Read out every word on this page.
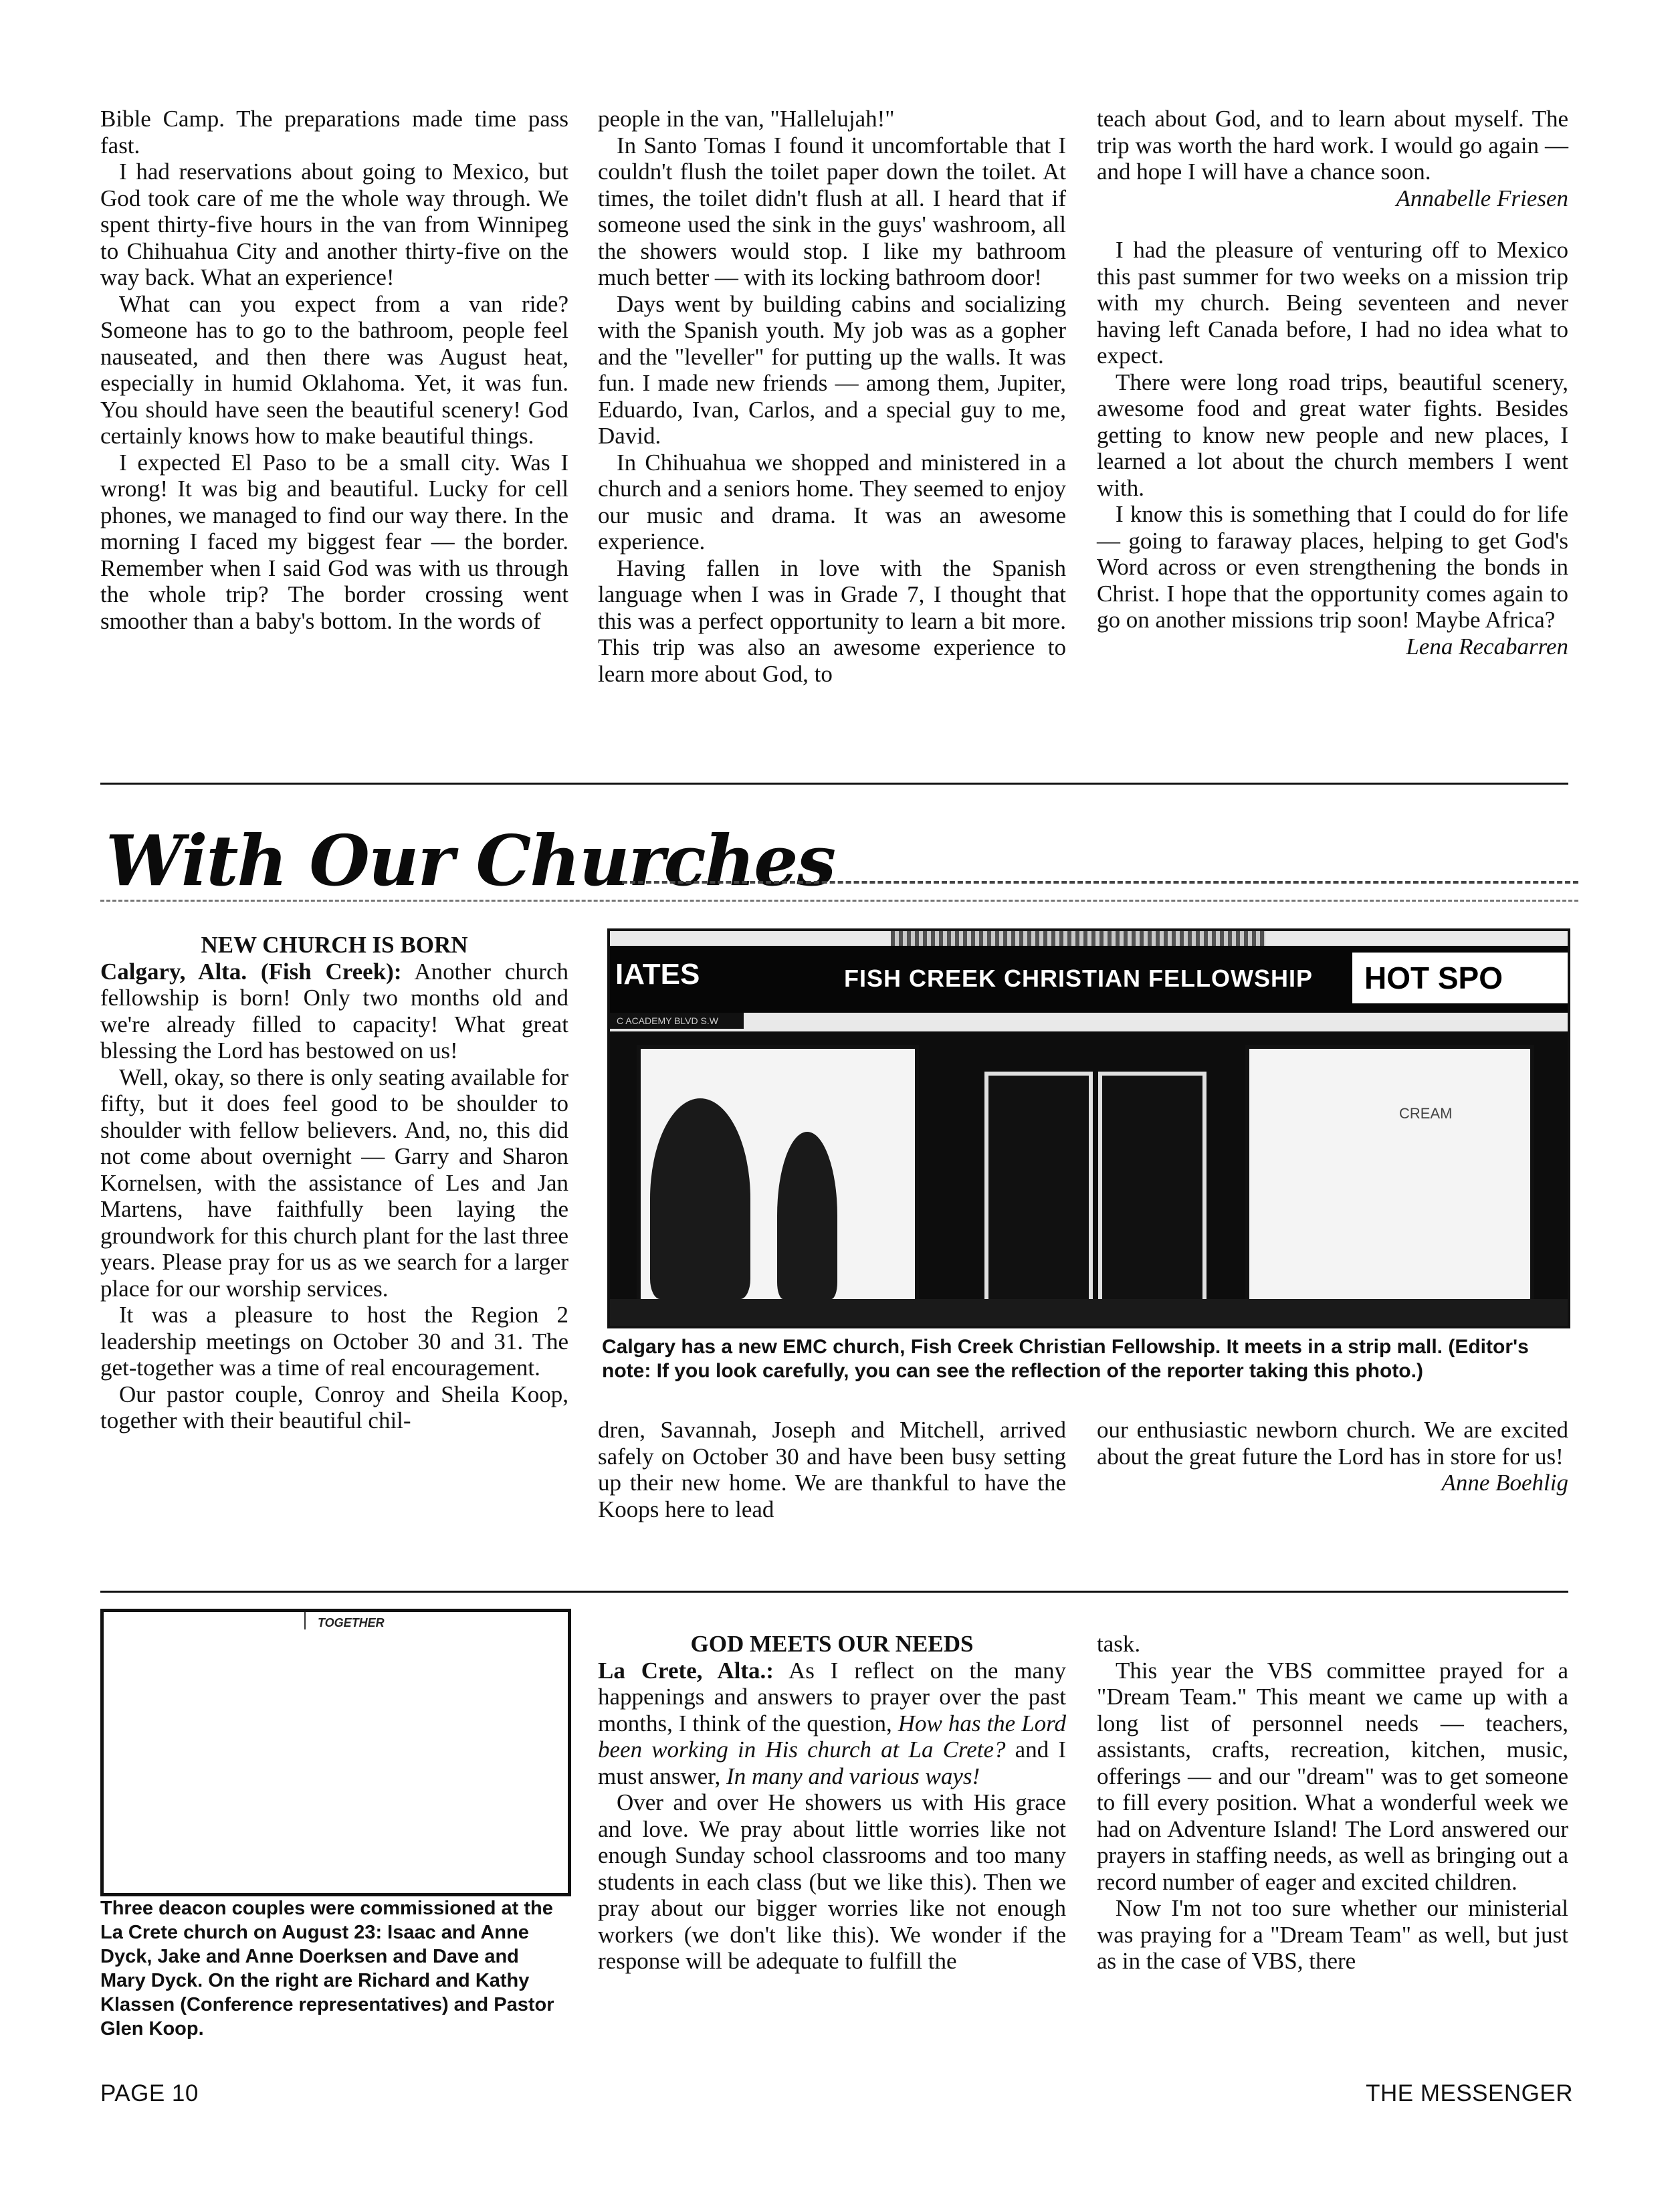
Bible Camp. The preparations made time pass fast.

I had reservations about going to Mexico, but God took care of me the whole way through. We spent thirty-five hours in the van from Winnipeg to Chihuahua City and another thirty-five on the way back. What an experience!

What can you expect from a van ride? Someone has to go to the bathroom, people feel nauseated, and then there was August heat, especially in humid Oklahoma. Yet, it was fun. You should have seen the beautiful scenery! God certainly knows how to make beautiful things.

I expected El Paso to be a small city. Was I wrong! It was big and beautiful. Lucky for cell phones, we managed to find our way there. In the morning I faced my biggest fear — the border. Remember when I said God was with us through the whole trip? The border crossing went smoother than a baby's bottom. In the words of

people in the van, "Hallelujah!"

In Santo Tomas I found it uncomfortable that I couldn't flush the toilet paper down the toilet. At times, the toilet didn't flush at all. I heard that if someone used the sink in the guys' washroom, all the showers would stop. I like my bathroom much better — with its locking bathroom door!

Days went by building cabins and socializing with the Spanish youth. My job was as a gopher and the "leveller" for putting up the walls. It was fun. I made new friends — among them, Jupiter, Eduardo, Ivan, Carlos, and a special guy to me, David.

In Chihuahua we shopped and ministered in a church and a seniors home. They seemed to enjoy our music and drama. It was an awesome experience.

Having fallen in love with the Spanish language when I was in Grade 7, I thought that this was a perfect opportunity to learn a bit more. This trip was also an awesome experience to learn more about God, to

teach about God, and to learn about myself. The trip was worth the hard work. I would go again — and hope I will have a chance soon.

Annabelle Friesen

I had the pleasure of venturing off to Mexico this past summer for two weeks on a mission trip with my church. Being seventeen and never having left Canada before, I had no idea what to expect.

There were long road trips, beautiful scenery, awesome food and great water fights. Besides getting to know new people and new places, I learned a lot about the church members I went with.

I know this is something that I could do for life — going to faraway places, helping to get God's Word across or even strengthening the bonds in Christ. I hope that the opportunity comes again to go on another missions trip soon! Maybe Africa?

Lena Recabarren

With Our Churches

NEW CHURCH IS BORN

Calgary, Alta. (Fish Creek): Another church fellowship is born! Only two months old and we're already filled to capacity! What great blessing the Lord has bestowed on us!

Well, okay, so there is only seating available for fifty, but it does feel good to be shoulder to shoulder with fellow believers. And, no, this did not come about overnight — Garry and Sharon Kornelsen, with the assistance of Les and Jan Martens, have faithfully been laying the groundwork for this church plant for the last three years. Please pray for us as we search for a larger place for our worship services.

It was a pleasure to host the Region 2 leadership meetings on October 30 and 31. The get-together was a time of real encouragement.

Our pastor couple, Conroy and Sheila Koop, together with their beautiful chil-

IATES	FISH CREEK CHRISTIAN FELLOWSHIP	HOT SPO
C ACADEMY BLVD S.W
CREAM
Calgary has a new EMC church, Fish Creek Christian Fellowship. It meets in a strip mall. (Editor's note: If you look carefully, you can see the reflection of the reporter taking this photo.)

dren, Savannah, Joseph and Mitchell, arrived safely on October 30 and have been busy setting up their new home. We are thankful to have the Koops here to lead

our enthusiastic newborn church. We are excited about the great future the Lord has in store for us!

Anne Boehlig

TOGETHER
Three deacon couples were commissioned at the La Crete church on August 23: Isaac and Anne Dyck, Jake and Anne Doerksen and Dave and Mary Dyck. On the right are Richard and Kathy Klassen (Conference representatives) and Pastor Glen Koop.

GOD MEETS OUR NEEDS

La Crete, Alta.: As I reflect on the many happenings and answers to prayer over the past months, I think of the question, How has the Lord been working in His church at La Crete? and I must answer, In many and various ways!

Over and over He showers us with His grace and love. We pray about little worries like not enough Sunday school classrooms and too many students in each class (but we like this). Then we pray about our bigger worries like not enough workers (we don't like this). We wonder if the response will be adequate to fulfill the

task.

This year the VBS committee prayed for a "Dream Team." This meant we came up with a long list of personnel needs — teachers, assistants, crafts, recreation, kitchen, music, offerings — and our "dream" was to get someone to fill every position. What a wonderful week we had on Adventure Island! The Lord answered our prayers in staffing needs, as well as bringing out a record number of eager and excited children.

Now I'm not too sure whether our ministerial was praying for a "Dream Team" as well, but just as in the case of VBS, there

PAGE 10	THE MESSENGER
